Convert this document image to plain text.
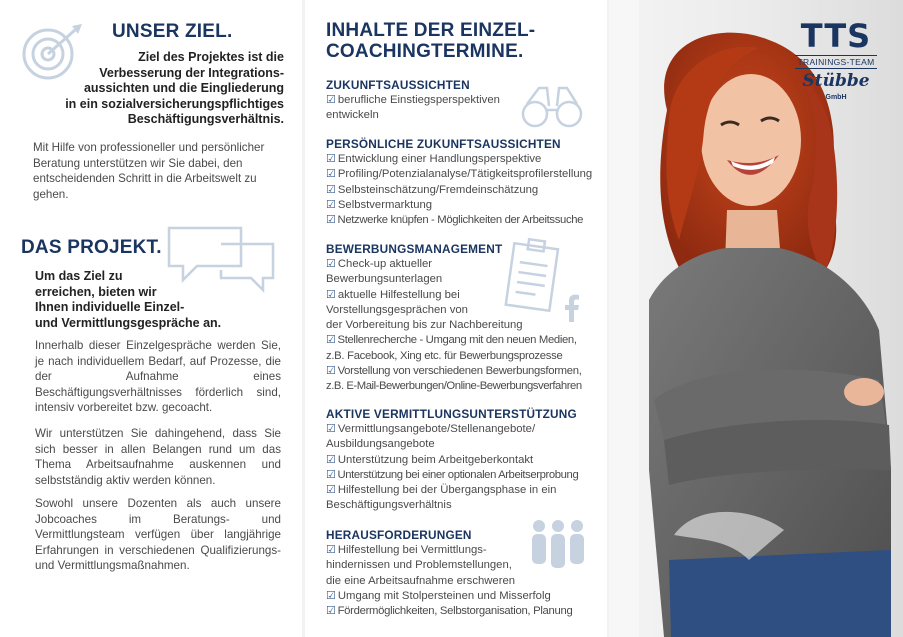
UNSER ZIEL.
Ziel des Projektes ist die
Verbesserung der Integrations-
aussichten und die Eingliederung
in ein sozialversicherungspflichtiges
Beschäftigungsverhältnis.

Mit Hilfe von professioneller und persönlicher Beratung unterstützen wir Sie dabei, den entscheidenden Schritt in die Arbeitswelt zu gehen.

DAS PROJEKT.
Um das Ziel zu
erreichen, bieten wir
Ihnen individuelle Einzel-
und Vermittlungsgespräche an.

Innerhalb dieser Einzelgespräche werden Sie, je nach individuellem Bedarf, auf Prozesse, die der Aufnahme eines Beschäftigungsverhältnisses förderlich sind, intensiv vorbereitet bzw. gecoacht.

Wir unterstützen Sie dahingehend, dass Sie sich besser in allen Belangen rund um das Thema Arbeitsaufnahme auskennen und selbstständig aktiv werden können.

Sowohl unsere Dozenten als auch unsere Jobcoaches im Beratungs- und Vermittlungsteam verfügen über langjährige Erfahrungen in verschiedenen Qualifizierungs- und Vermittlungsmaßnahmen.

INHALTE DER EINZEL-
COACHINGTERMINE.
ZUKUNFTSAUSSICHTEN
☑ berufliche Einstiegsperspektiven
entwickeln
PERSÖNLICHE ZUKUNFTSAUSSICHTEN
☑ Entwicklung einer Handlungsperspektive
☑ Profiling/Potenzialanalyse/Tätigkeitsprofilerstellung
☑ Selbsteinschätzung/Fremdeinschätzung
☑ Selbstvermarktung
☑ Netzwerke knüpfen - Möglichkeiten der Arbeitssuche
BEWERBUNGSMANAGEMENT
☑ Check-up aktueller
Bewerbungsunterlagen
☑ aktuelle Hilfestellung bei
Vorstellungsgesprächen von
der Vorbereitung bis zur Nachbereitung
☑ Stellenrecherche - Umgang mit den neuen Medien,
z.B. Facebook, Xing etc. für Bewerbungsprozesse
☑ Vorstellung von verschiedenen Bewerbungsformen,
z.B. E-Mail-Bewerbungen/Online-Bewerbungsverfahren
AKTIVE VERMITTLUNGSUNTERSTÜTZUNG
☑ Vermittlungsangebote/Stellenangebote/
Ausbildungsangebote
☑ Unterstützung beim Arbeitgeberkontakt
☑ Unterstützung bei einer optionalen Arbeitserprobung
☑ Hilfestellung bei der Übergangsphase in ein
Beschäftigungsverhältnis
HERAUSFORDERUNGEN
☑ Hilfestellung bei Vermittlungs-
hindernissen und Problemstellungen,
die eine Arbeitsaufnahme erschweren
☑ Umgang mit Stolpersteinen und Misserfolg
☑ Fördermöglichkeiten, Selbstorganisation, Planung
TTS
TRAININGS-TEAM
Stübbe
GmbH
